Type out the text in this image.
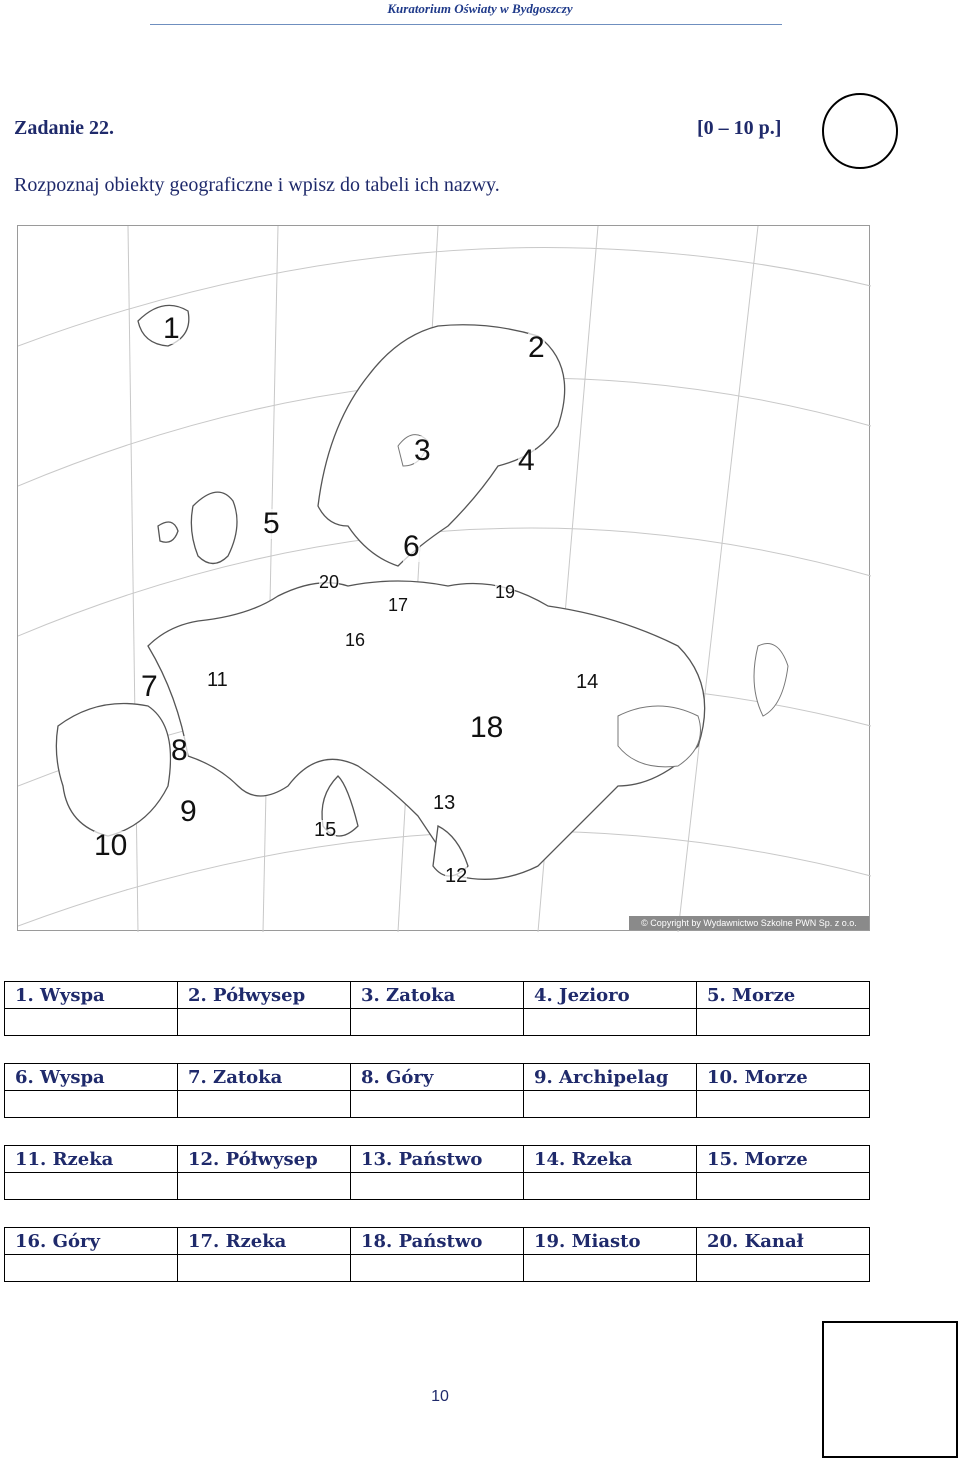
Kuratorium Oświaty w Bydgoszczy
Zadanie 22.	[0 – 10 p.]
Rozpoznaj obiekty geograficzne i wpisz do tabeli ich nazwy.
1
2
3	4
5
6
7
8
9
10
11
12
13
14
15
16
17
18
19
20
© Copyright by Wydawnictwo Szkolne PWN Sp. z o.o. Warszawa 2012
1. Wyspa	2. Półwysep	3. Zatoka	4. Jezioro	5. Morze

6. Wyspa	7. Zatoka	8. Góry	9. Archipelag	10. Morze

11. Rzeka	12. Półwysep	13. Państwo	14. Rzeka	15. Morze

16. Góry	17. Rzeka	18. Państwo	19. Miasto	20. Kanał

10
